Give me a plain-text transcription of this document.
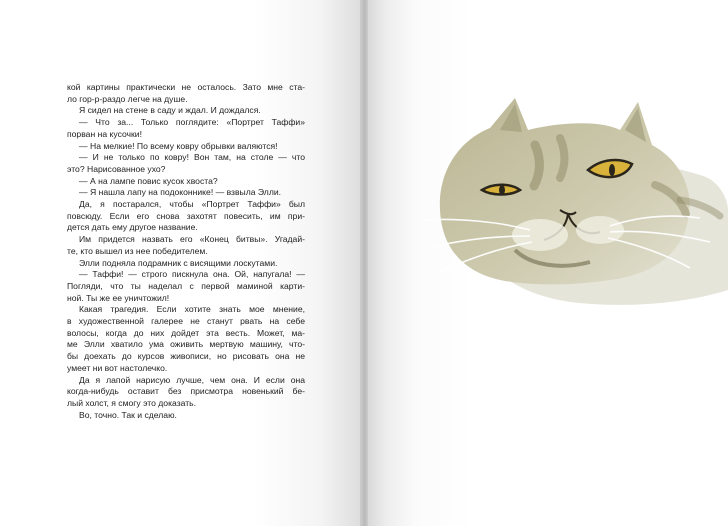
кой картины практически не осталось. Зато мне ста-
ло гор-р-раздо легче на душе.
Я сидел на стене в саду и ждал. И дождался.
— Что за... Только поглядите: «Портрет Таффи»
порван на кусочки!
— На мелкие! По всему ковру обрывки валяются!
— И не только по ковру! Вон там, на столе — что
это? Нарисованное ухо?
— А на лампе повис кусок хвоста?
— Я нашла лапу на подоконнике! — взвыла Элли.
Да, я постарался, чтобы «Портрет Таффи» был
повсюду. Если его снова захотят повесить, им при-
дется дать ему другое название.
Им придется назвать его «Конец битвы». Угадай-
те, кто вышел из нее победителем.
Элли подняла подрамник с висящими лоскутами.
— Таффи! — строго пискнула она. Ой, напугала! —
Погляди, что ты наделал с первой маминой карти-
ной. Ты же ее уничтожил!
Какая трагедия. Если хотите знать мое мнение,
в художественной галерее не станут рвать на себе
волосы, когда до них дойдет эта весть. Может, ма-
ме Элли хватило ума оживить мертвую машину, что-
бы доехать до курсов живописи, но рисовать она не
умеет ни вот настолечко.
Да я лапой нарисую лучше, чем она. И если она
когда-нибудь оставит без присмотра новенький бе-
лый холст, я смогу это доказать.
Во, точно. Так и сделаю.
